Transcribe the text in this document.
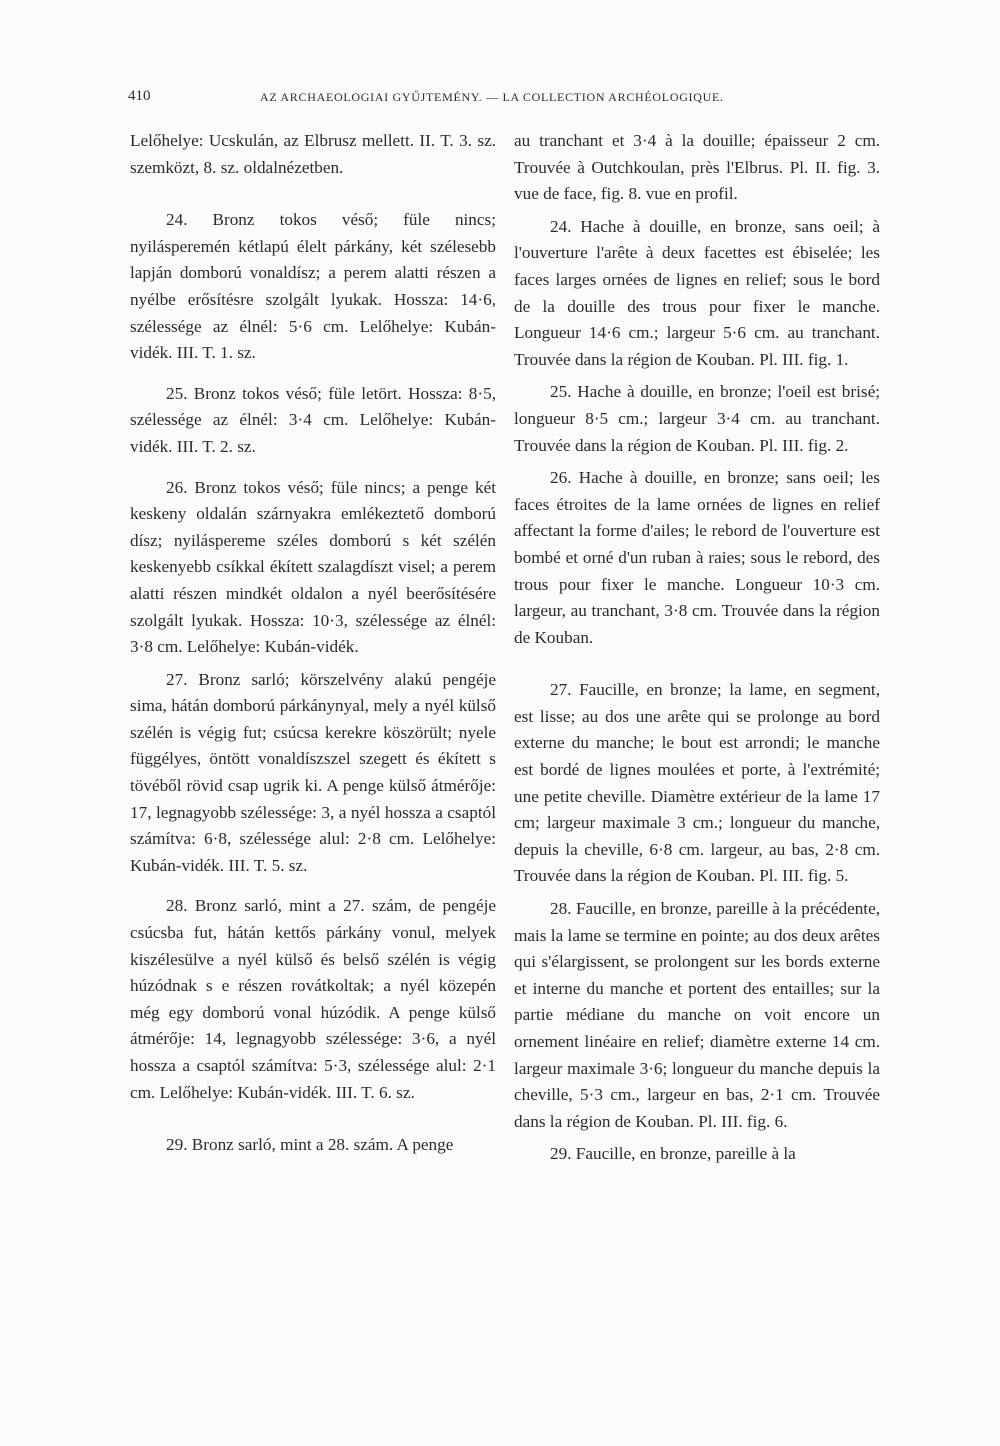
410	AZ ARCHAEOLOGIAI GYŰJTEMÉNY. — LA COLLECTION ARCHÉOLOGIQUE.

Lelőhelye: Ucskulán, az Elbrusz mellett. II. T. 3. sz. szemközt, 8. sz. oldalnézetben.

24. Bronz tokos véső; füle nincs; nyilásperemén kétlapú élelt párkány, két szélesebb lapján domború vonaldísz; a perem alatti részen a nyélbe erősítésre szolgált lyukak. Hossza: 14·6, szélessége az élnél: 5·6 cm. Lelőhelye: Kubán-vidék. III. T. 1. sz.

25. Bronz tokos véső; füle letört. Hossza: 8·5, szélessége az élnél: 3·4 cm. Lelőhelye: Kubán-vidék. III. T. 2. sz.

26. Bronz tokos véső; füle nincs; a penge két keskeny oldalán szárnyakra emlékeztető domború dísz; nyiláspereme széles domború s két szélén keskenyebb csíkkal ékített szalagdíszt visel; a perem alatti részen mindkét oldalon a nyél beerősítésére szolgált lyukak. Hossza: 10·3, szélessége az élnél: 3·8 cm. Lelőhelye: Kubán-vidék.

27. Bronz sarló; körszelvény alakú pengéje sima, hátán domború párkánynyal, mely a nyél külső szélén is végig fut; csúcsa kerekre köszörült; nyele függélyes, öntött vonaldíszszel szegett és ékített s tövéből rövid csap ugrik ki. A penge külső átmérője: 17, legnagyobb szélessége: 3, a nyél hossza a csaptól számítva: 6·8, szélessége alul: 2·8 cm. Lelőhelye: Kubán-vidék. III. T. 5. sz.

28. Bronz sarló, mint a 27. szám, de pengéje csúcsba fut, hátán kettős párkány vonul, melyek kiszélesülve a nyél külső és belső szélén is végig húzódnak s e részen rovátkoltak; a nyél közepén még egy domború vonal húzódik. A penge külső átmérője: 14, legnagyobb szélessége: 3·6, a nyél hossza a csaptól számítva: 5·3, szélessége alul: 2·1 cm. Lelőhelye: Kubán-vidék. III. T. 6. sz.

29. Bronz sarló, mint a 28. szám. A penge

au tranchant et 3·4 à la douille; épaisseur 2 cm. Trouvée à Outchkoulan, près l'Elbrus. Pl. II. fig. 3. vue de face, fig. 8. vue en profil.

24. Hache à douille, en bronze, sans oeil; à l'ouverture l'arête à deux facettes est ébiselée; les faces larges ornées de lignes en relief; sous le bord de la douille des trous pour fixer le manche. Longueur 14·6 cm.; largeur 5·6 cm. au tranchant. Trouvée dans la région de Kouban. Pl. III. fig. 1.

25. Hache à douille, en bronze; l'oeil est brisé; longueur 8·5 cm.; largeur 3·4 cm. au tranchant. Trouvée dans la région de Kouban. Pl. III. fig. 2.

26. Hache à douille, en bronze; sans oeil; les faces étroites de la lame ornées de lignes en relief affectant la forme d'ailes; le rebord de l'ouverture est bombé et orné d'un ruban à raies; sous le rebord, des trous pour fixer le manche. Longueur 10·3 cm. largeur, au tranchant, 3·8 cm. Trouvée dans la région de Kouban.

27. Faucille, en bronze; la lame, en segment, est lisse; au dos une arête qui se prolonge au bord externe du manche; le bout est arrondi; le manche est bordé de lignes moulées et porte, à l'extrémité; une petite cheville. Diamètre extérieur de la lame 17 cm; largeur maximale 3 cm.; longueur du manche, depuis la cheville, 6·8 cm. largeur, au bas, 2·8 cm. Trouvée dans la région de Kouban. Pl. III. fig. 5.

28. Faucille, en bronze, pareille à la précédente, mais la lame se termine en pointe; au dos deux arêtes qui s'élargissent, se prolongent sur les bords externe et interne du manche et portent des entailles; sur la partie médiane du manche on voit encore un ornement linéaire en relief; diamètre externe 14 cm. largeur maximale 3·6; longueur du manche depuis la cheville, 5·3 cm., largeur en bas, 2·1 cm. Trouvée dans la région de Kouban. Pl. III. fig. 6.

29. Faucille, en bronze, pareille à la
